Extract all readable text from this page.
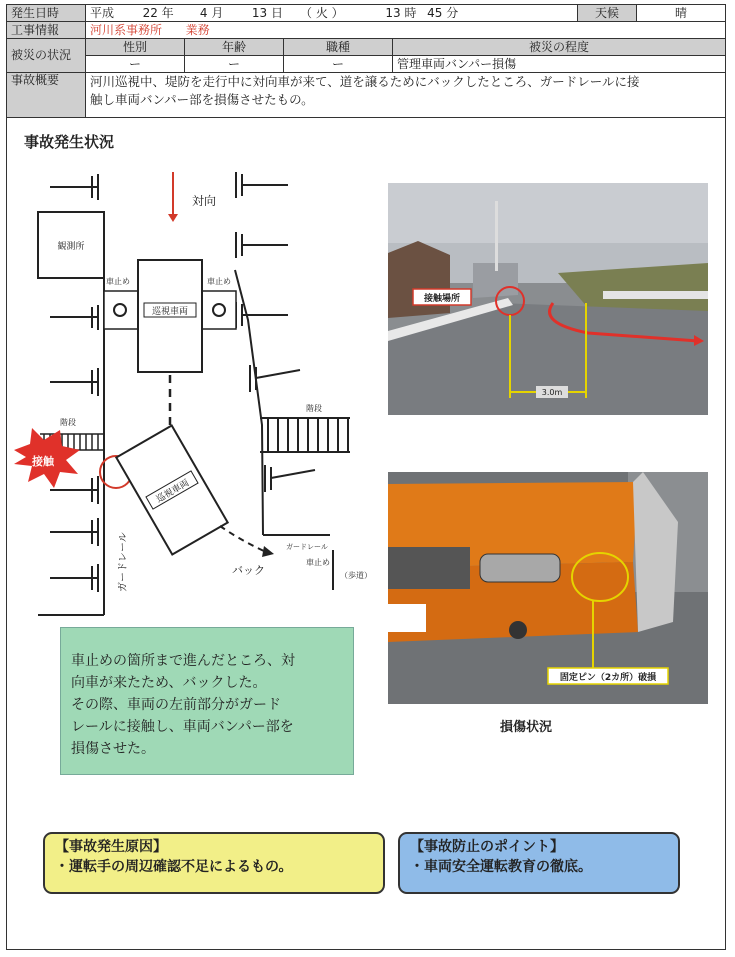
発生日時	平成 22 年 4 月 13 日 （ 火 ） 13 時 45 分				天候	晴
工事情報	河川系事務所 業務					
被災の状況	性別	年齢	職種	被災の程度		
	ー	ー	ー	管理車両バンパー損傷		
事故概要	河川巡視中、堤防を走行中に対向車が来て、道を譲るためにバックしたところ、ガードレールに接
触し車両バンパー部を損傷させたもの。					
事故発生状況
観測所
対向
車止め	車止め
巡視車両
階段
階段
接触
巡視車両
バック
ガードレール	ガードレール
車止め
（歩道）
接触場所
3.0m
固定ピン（2カ所）破損
損傷状況
車止めの箇所まで進んだところ、対
向車が来たため、バックした。
その際、車両の左前部分がガード
レールに接触し、車両バンパー部を
損傷させた。
【事故発生原因】
・運転手の周辺確認不足によるもの。
【事故防止のポイント】
・車両安全運転教育の徹底。
